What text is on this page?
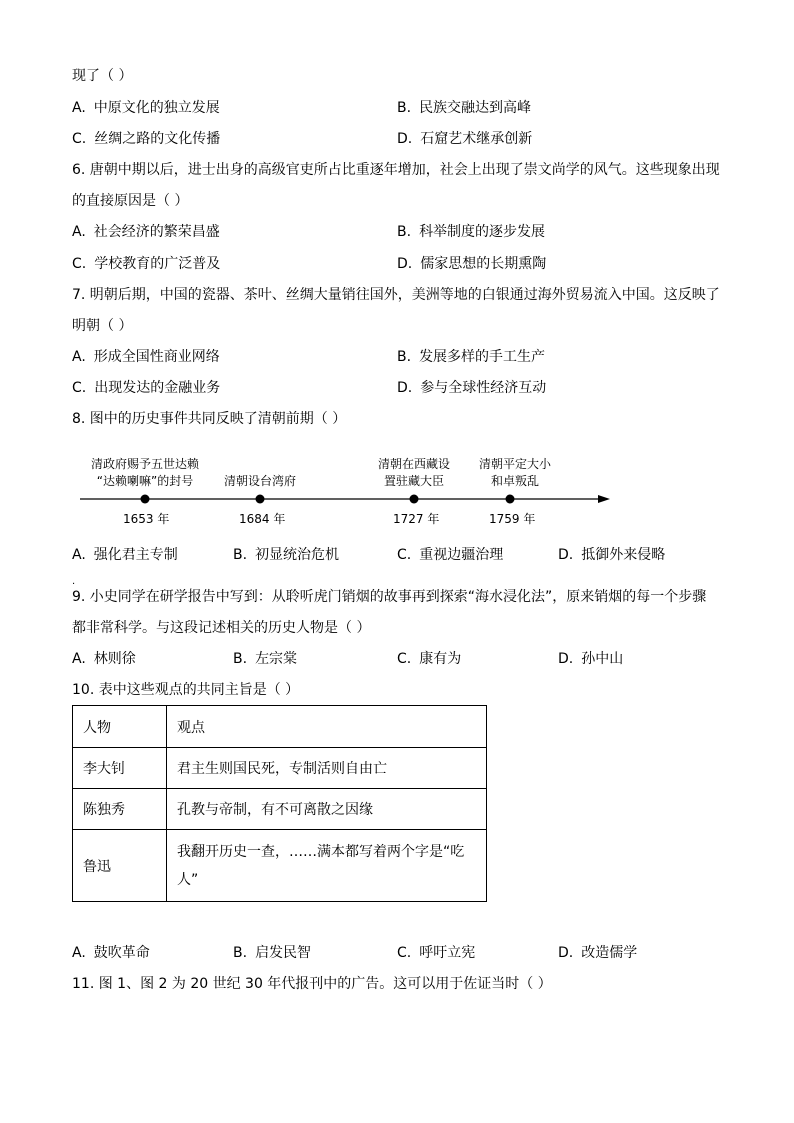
现了（ ）
A. 中原文化的独立发展	B. 民族交融达到高峰
C. 丝绸之路的文化传播	D. 石窟艺术继承创新
6. 唐朝中期以后，进士出身的高级官吏所占比重逐年增加，社会上出现了崇文尚学的风气。这些现象出现
的直接原因是（ ）
A. 社会经济的繁荣昌盛	B. 科举制度的逐步发展
C. 学校教育的广泛普及	D. 儒家思想的长期熏陶
7. 明朝后期，中国的瓷器、茶叶、丝绸大量销往国外，美洲等地的白银通过海外贸易流入中国。这反映了
明朝（ ）
A. 形成全国性商业网络	B. 发展多样的手工生产
C. 出现发达的金融业务	D. 参与全球性经济互动
8. 图中的历史事件共同反映了清朝前期（ ）
清政府赐予五世达赖
“达赖喇嘛”的封号	清朝设台湾府
清朝在西藏设
置驻藏大臣
清朝平定大小
和卓叛乱
1653 年	1684 年	1727 年	1759 年
A. 强化君主专制	B. 初显统治危机	C. 重视边疆治理	D. 抵御外来侵略
.
9. 小史同学在研学报告中写到：从聆听虎门销烟的故事再到探索“海水浸化法”，原来销烟的每一个步骤
都非常科学。与这段记述相关的历史人物是（ ）
A. 林则徐	B. 左宗棠	C. 康有为	D. 孙中山
10. 表中这些观点的共同主旨是（ ）
人物	观点
李大钊	君主生则国民死，专制活则自由亡
陈独秀	孔教与帝制，有不可离散之因缘
鲁迅	我翻开历史一查，……满本都写着两个字是“吃
人”
A. 鼓吹革命	B. 启发民智	C. 呼吁立宪	D. 改造儒学
11. 图 1、图 2 为 20 世纪 30 年代报刊中的广告。这可以用于佐证当时（ ）
